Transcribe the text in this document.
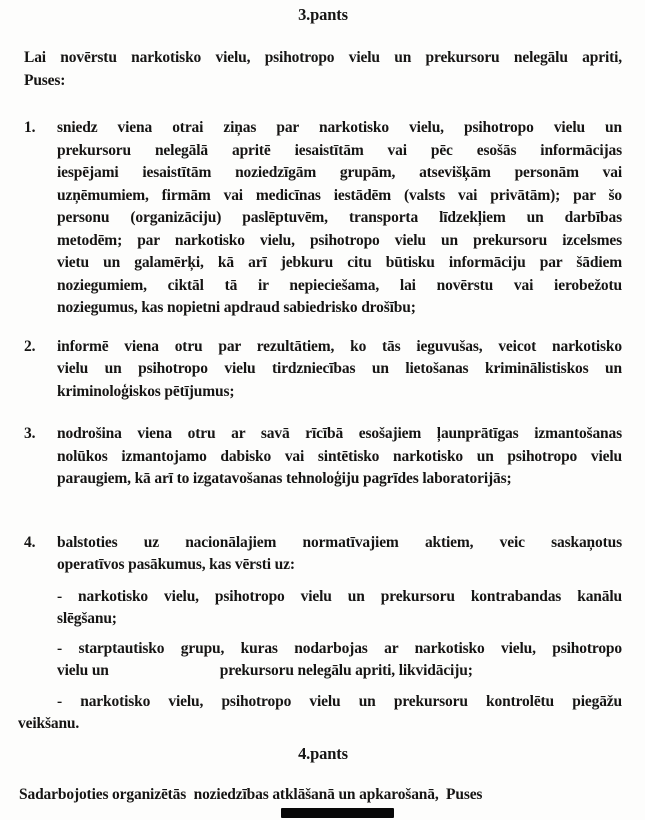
3.pants
Lai novērstu narkotisko vielu, psihotropo vielu un prekursoru nelegālu apriti,
Puses:
1.	sniedz viena otrai ziņas par narkotisko vielu, psihotropo vielu un
prekursoru nelegālā apritē iesaistītām vai pēc esošās informācijas
iespējami iesaistītām noziedzīgām grupām, atsevišķām personām vai
uzņēmumiem, firmām vai medicīnas iestādēm (valsts vai privātām); par šo
personu (organizāciju) paslēptuvēm, transporta līdzekļiem un darbības
metodēm; par narkotisko vielu, psihotropo vielu un prekursoru izcelsmes
vietu un galamērķi, kā arī jebkuru citu būtisku informāciju par šādiem
noziegumiem, ciktāl tā ir nepieciešama, lai novērstu vai ierobežotu
noziegumus, kas nopietni apdraud sabiedrisko drošību;
2.	informē viena otru par rezultātiem, ko tās ieguvušas, veicot narkotisko
vielu un psihotropo vielu tirdzniecības un lietošanas kriminālistiskos un
kriminoloģiskos pētījumus;
3.	nodrošina viena otru ar savā rīcībā esošajiem ļaunprātīgas izmantošanas
nolūkos izmantojamo dabisko vai sintētisko narkotisko un psihotropo vielu
paraugiem, kā arī to izgatavošanas tehnoloģiju pagrīdes laboratorijās;
4.	balstoties uz nacionālajiem normatīvajiem aktiem, veic saskaņotus
operatīvos pasākumus, kas vērsti uz:
- narkotisko vielu, psihotropo vielu un prekursoru kontrabandas kanālu
slēgšanu;
- starptautisko grupu, kuras nodarbojas ar narkotisko vielu, psihotropo
vielu un	prekursoru nelegālu apriti, likvidāciju;
- narkotisko vielu, psihotropo vielu un prekursoru kontrolētu piegāžu
veikšanu.
4.pants
Sadarbojoties organizētās  noziedzības atklāšanā un apkarošanā,  Puses
